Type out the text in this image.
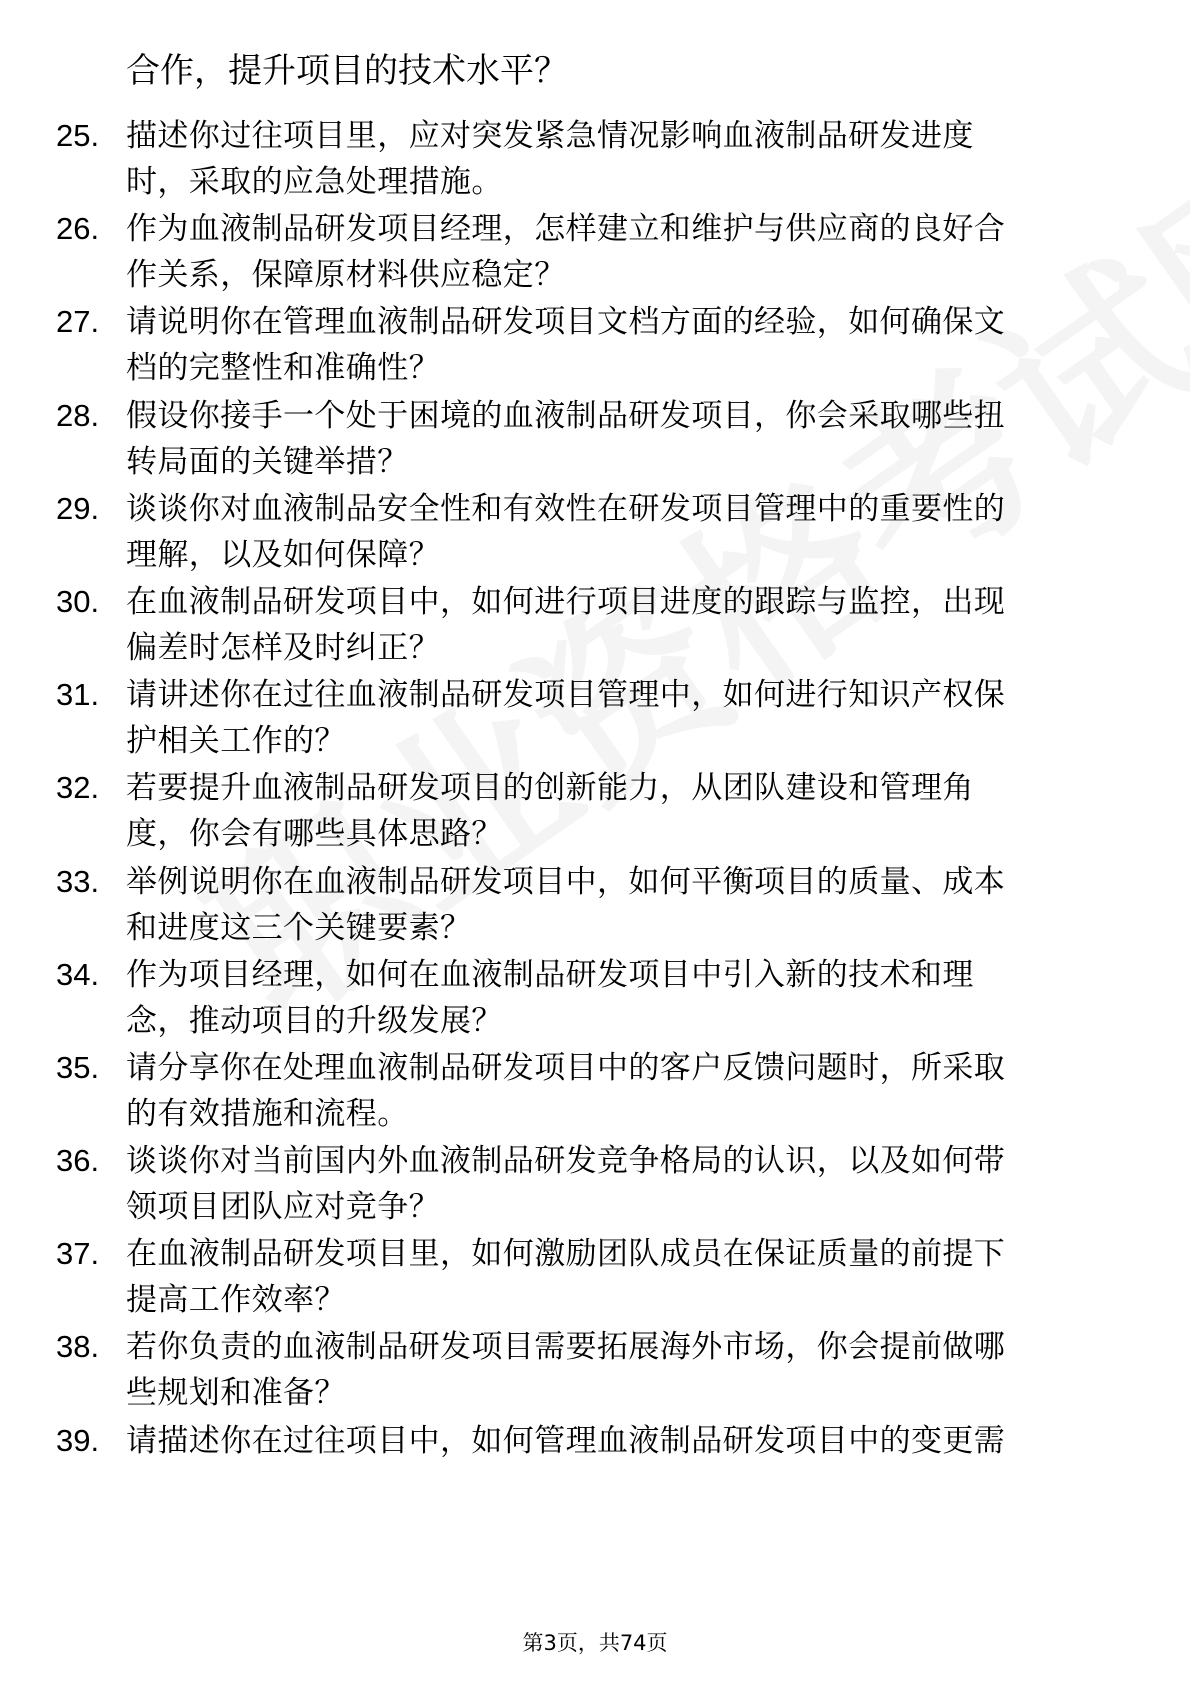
合作，提升项目的技术水平？
25. 描述你过往项目里，应对突发紧急情况影响血液制品研发进度
时，采取的应急处理措施。
26. 作为血液制品研发项目经理，怎样建立和维护与供应商的良好合
作关系，保障原材料供应稳定？
27. 请说明你在管理血液制品研发项目文档方面的经验，如何确保文
档的完整性和准确性？
28. 假设你接手一个处于困境的血液制品研发项目，你会采取哪些扭
转局面的关键举措？
29. 谈谈你对血液制品安全性和有效性在研发项目管理中的重要性的
理解，以及如何保障？
30. 在血液制品研发项目中，如何进行项目进度的跟踪与监控，出现
偏差时怎样及时纠正？
31. 请讲述你在过往血液制品研发项目管理中，如何进行知识产权保
护相关工作的？
32. 若要提升血液制品研发项目的创新能力，从团队建设和管理角
度，你会有哪些具体思路？
33. 举例说明你在血液制品研发项目中，如何平衡项目的质量、成本
和进度这三个关键要素？
34. 作为项目经理，如何在血液制品研发项目中引入新的技术和理
念，推动项目的升级发展？
35. 请分享你在处理血液制品研发项目中的客户反馈问题时，所采取
的有效措施和流程。
36. 谈谈你对当前国内外血液制品研发竞争格局的认识，以及如何带
领项目团队应对竞争？
37. 在血液制品研发项目里，如何激励团队成员在保证质量的前提下
提高工作效率？
38. 若你负责的血液制品研发项目需要拓展海外市场，你会提前做哪
些规划和准备？
39. 请描述你在过往项目中，如何管理血液制品研发项目中的变更需
第3页，共74页
